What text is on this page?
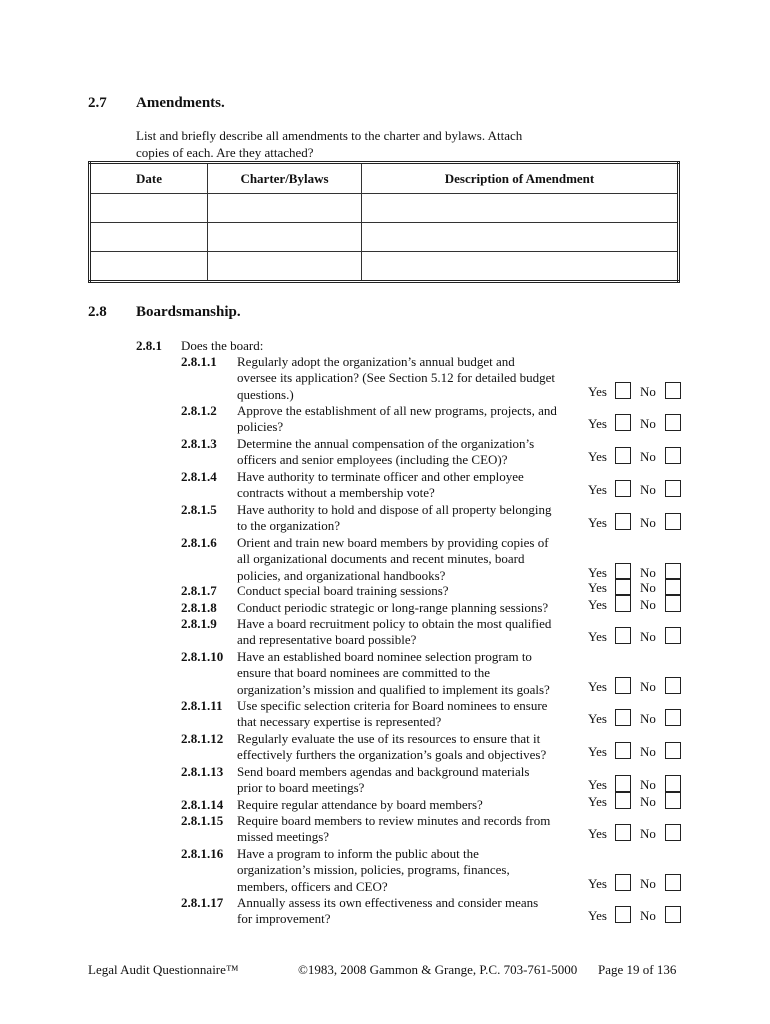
2.7 Amendments.
List and briefly describe all amendments to the charter and bylaws. Attach
copies of each. Are they attached?
Date	Charter/Bylaws	Description of Amendment

2.8 Boardsmanship.
2.8.1 Does the board:
2.8.1.1	Regularly adopt the organization’s annual budget and
oversee its application? (See Section 5.12 for detailed budget
questions.)	Yes	No
2.8.1.2	Approve the establishment of all new programs, projects, and
policies?	Yes	No
2.8.1.3	Determine the annual compensation of the organization’s
officers and senior employees (including the CEO)?	Yes	No
2.8.1.4	Have authority to terminate officer and other employee
contracts without a membership vote?	Yes	No
2.8.1.5	Have authority to hold and dispose of all property belonging
to the organization?	Yes	No
2.8.1.6	Orient and train new board members by providing copies of
all organizational documents and recent minutes, board
policies, and organizational handbooks?	Yes	No
2.8.1.7	Conduct special board training sessions?	Yes	No
2.8.1.8	Conduct periodic strategic or long-range planning sessions?	Yes	No
2.8.1.9	Have a board recruitment policy to obtain the most qualified
and representative board possible?	Yes	No
2.8.1.10	Have an established board nominee selection program to
ensure that board nominees are committed to the
organization’s mission and qualified to implement its goals?	Yes	No
2.8.1.11	Use specific selection criteria for Board nominees to ensure
that necessary expertise is represented?	Yes	No
2.8.1.12	Regularly evaluate the use of its resources to ensure that it
effectively furthers the organization’s goals and objectives?	Yes	No
2.8.1.13	Send board members agendas and background materials
prior to board meetings?	Yes	No
2.8.1.14	Require regular attendance by board members?	Yes	No
2.8.1.15	Require board members to review minutes and records from
missed meetings?	Yes	No
2.8.1.16	Have a program to inform the public about the
organization’s mission, policies, programs, finances,
members, officers and CEO?	Yes	No
2.8.1.17	Annually assess its own effectiveness and consider means
for improvement?	Yes	No
Legal Audit Questionnaire™	©1983, 2008 Gammon & Grange, P.C. 703-761-5000 Page 19 of 136
